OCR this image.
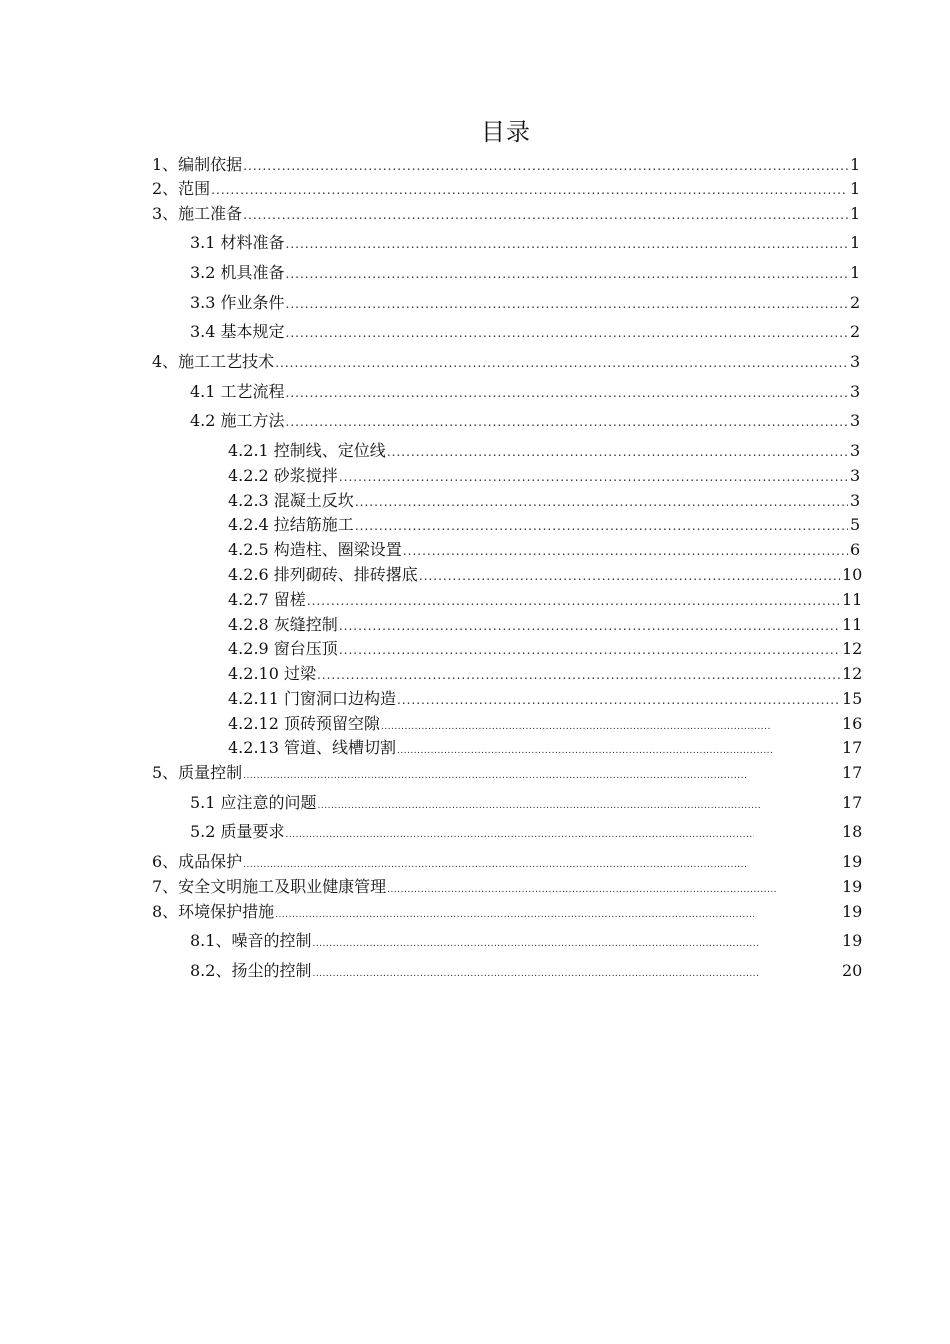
目录
1、编制依据 .....	1
2、范围 .....	1
3、施工准备 .....	1
3.1 材料准备 .....	1
3.2 机具准备 .....	1
3.3 作业条件 .....	2
3.4 基本规定 .....	2
4、施工工艺技术 .....	3
4.1 工艺流程 .....	3
4.2 施工方法 .....	3
4.2.1 控制线、定位线 .....	3
4.2.2 砂浆搅拌 .....	3
4.2.3 混凝土反坎 .....	3
4.2.4 拉结筋施工 .....	5
4.2.5 构造柱、圈梁设置 .....	6
4.2.6 排列砌砖、排砖撂底 .....	10
4.2.7 留槎 .....	11
4.2.8 灰缝控制 .....	11
4.2.9 窗台压顶 .....	12
4.2.10 过梁 .....	12
4.2.11 门窗洞口边构造 .....	15
4.2.12 顶砖预留空隙 .....	16
4.2.13 管道、线槽切割 .....	17
5、质量控制 .....	17
5.1 应注意的问题 .....	17
5.2 质量要求 .....	18
6、成品保护 .....	19
7、安全文明施工及职业健康管理 .....	19
8、环境保护措施 .....	19
8.1、噪音的控制 .....	19
8.2、扬尘的控制 .....	20
